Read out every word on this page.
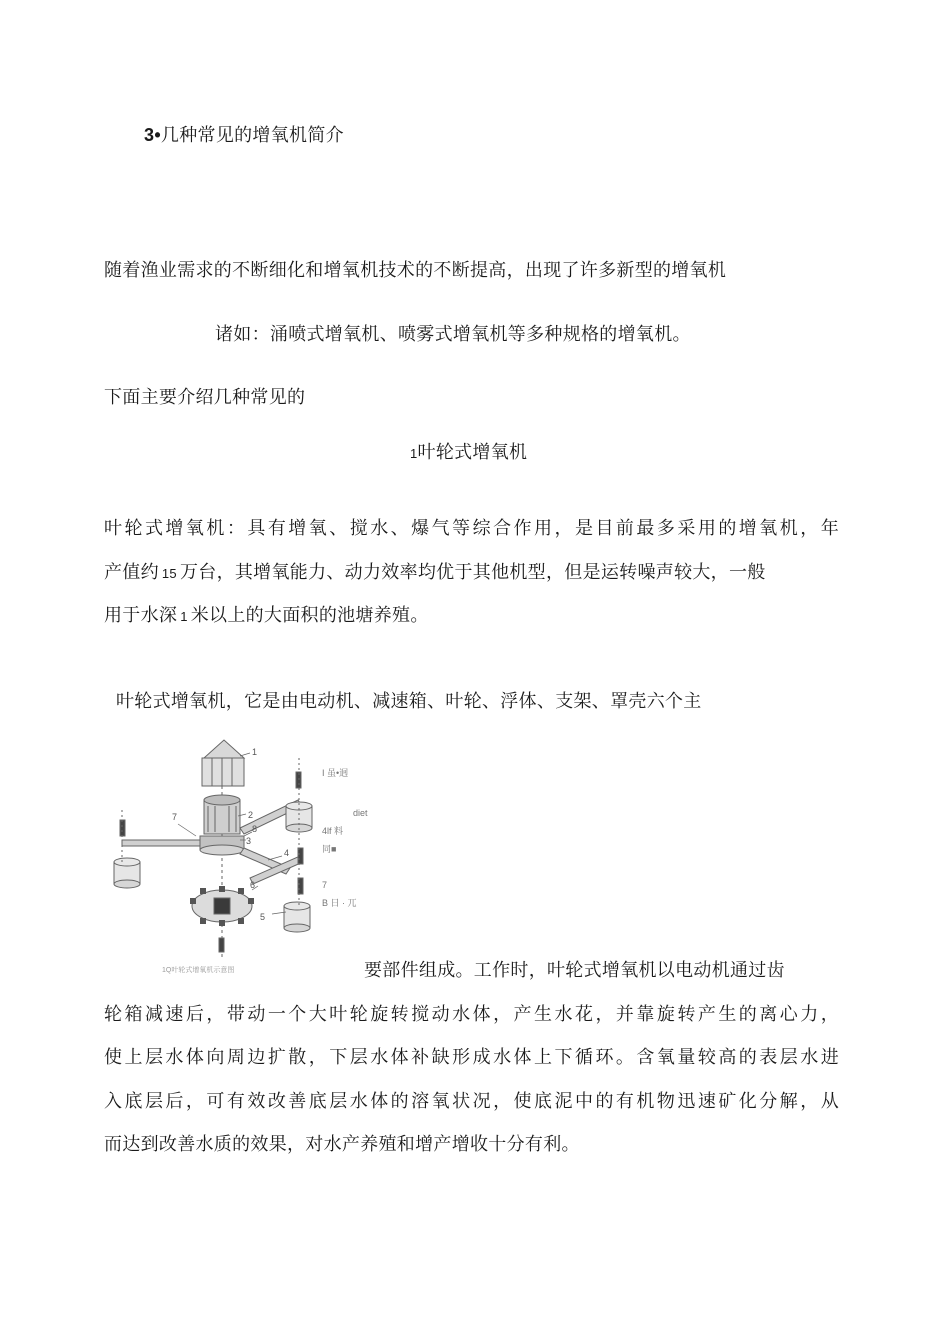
3•几种常见的增氧机简介
随着渔业需求的不断细化和增氧机技术的不断提高，出现了许多新型的增氧机
诸如：涌喷式增氧机、喷雾式增氧机等多种规格的增氧机。
下面主要介绍几种常见的
1叶轮式增氧机
叶轮式增氧机：具有增氧、搅水、爆气等综合作用，是目前最多采用的增氧机，年
产值约 15 万台，其增氧能力、动力效率均优于其他机型，但是运转噪声较大，一般
用于水深 1 米以上的大面积的池塘养殖。
叶轮式增氧机，它是由电动机、减速箱、叶轮、浮体、支架、罩壳六个主
1
2
3
4
5
6
7
8
I 虽•迥
diet
4lf 料
同■
7
B 日 · 兀
1Q叶轮式增氧机示意图	要部件组成。工作时，叶轮式增氧机以电动机通过齿
轮箱减速后，带动一个大叶轮旋转搅动水体，产生水花，并靠旋转产生的离心力，
使上层水体向周边扩散，下层水体补缺形成水体上下循环。含氧量较高的表层水进
入底层后，可有效改善底层水体的溶氧状况，使底泥中的有机物迅速矿化分解，从
而达到改善水质的效果，对水产养殖和增产增收十分有利。
